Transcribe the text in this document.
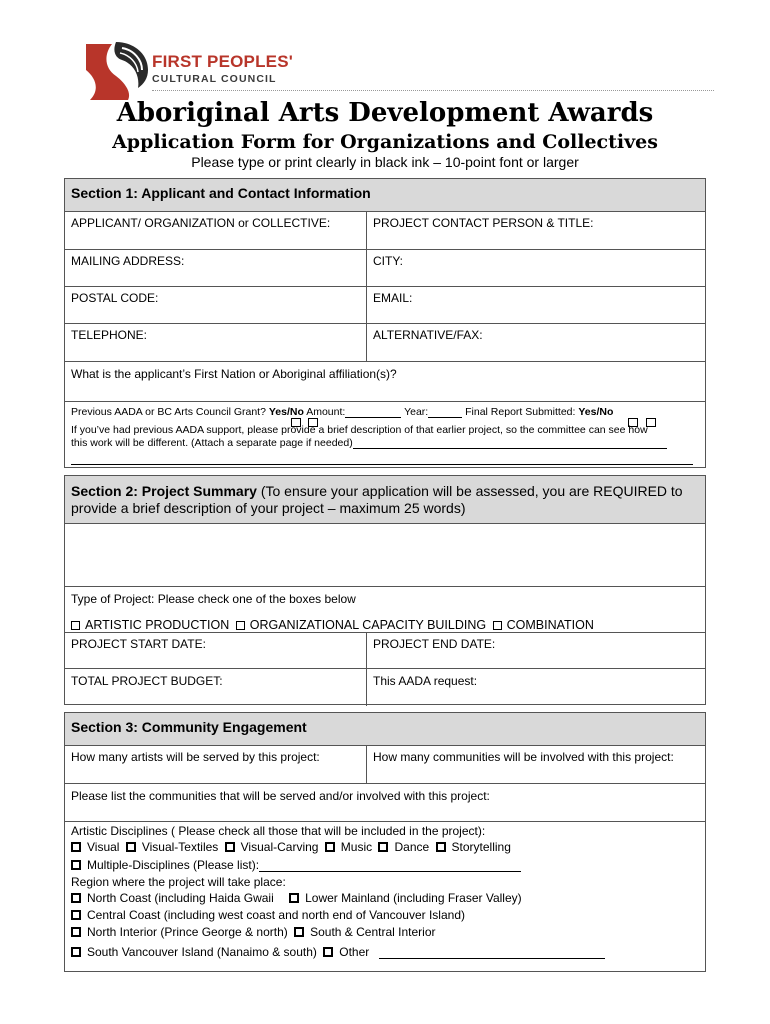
FIRST PEOPLES'
CULTURAL COUNCIL
Aboriginal Arts Development Awards
Application Form for Organizations and Collectives
Please type or print clearly in black ink – 10-point font or larger
Section 1: Applicant and Contact Information
APPLICANT/ ORGANIZATION or COLLECTIVE:	PROJECT CONTACT PERSON & TITLE:
MAILING ADDRESS:	CITY:
POSTAL CODE:	EMAIL:
TELEPHONE:	ALTERNATIVE/FAX:
What is the applicant’s First Nation or Aboriginal affiliation(s)?
Previous AADA or BC Arts Council Grant? Yes/No Amount:	Year:	Final Report Submitted: Yes/No
If you’ve had previous AADA support, please provide a brief description of that earlier project, so the committee can see how
this work will be different. (Attach a separate page if needed)
Section 2: Project Summary (To ensure your application will be assessed, you are REQUIRED to
provide a brief description of your project – maximum 25 words)
Type of Project: Please check one of the boxes below
ARTISTIC PRODUCTION ORGANIZATIONAL CAPACITY BUILDING COMBINATION
PROJECT START DATE:	PROJECT END DATE:
TOTAL PROJECT BUDGET:	This AADA request:
Section 3: Community Engagement
How many artists will be served by this project:	How many communities will be involved with this project:
Please list the communities that will be served and/or involved with this project:
Artistic Disciplines ( Please check all those that will be included in the project):
Visual Visual-Textiles Visual-Carving Music Dance Storytelling
Multiple-Disciplines (Please list):
Region where the project will take place:
North Coast (including Haida Gwaii	Lower Mainland (including Fraser Valley)
Central Coast (including west coast and north end of Vancouver Island)
North Interior (Prince George & north) South & Central Interior
South Vancouver Island (Nanaimo & south) Other
